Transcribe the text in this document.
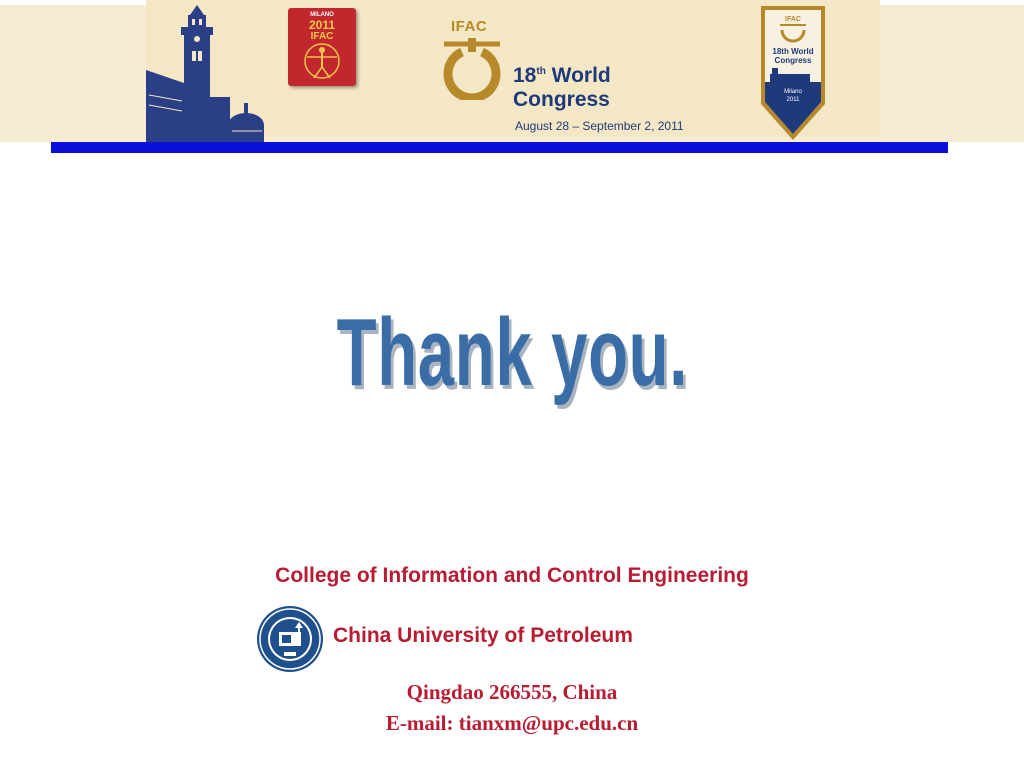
MILANO
2011
IFAC
IFAC
18th World
Congress
August 28 – September 2, 2011
IFAC
18th World
Congress
Milano
2011
Thank you.
College of Information and Control Engineering
China University of Petroleum
Qingdao 266555, China
E-mail: tianxm@upc.edu.cn
